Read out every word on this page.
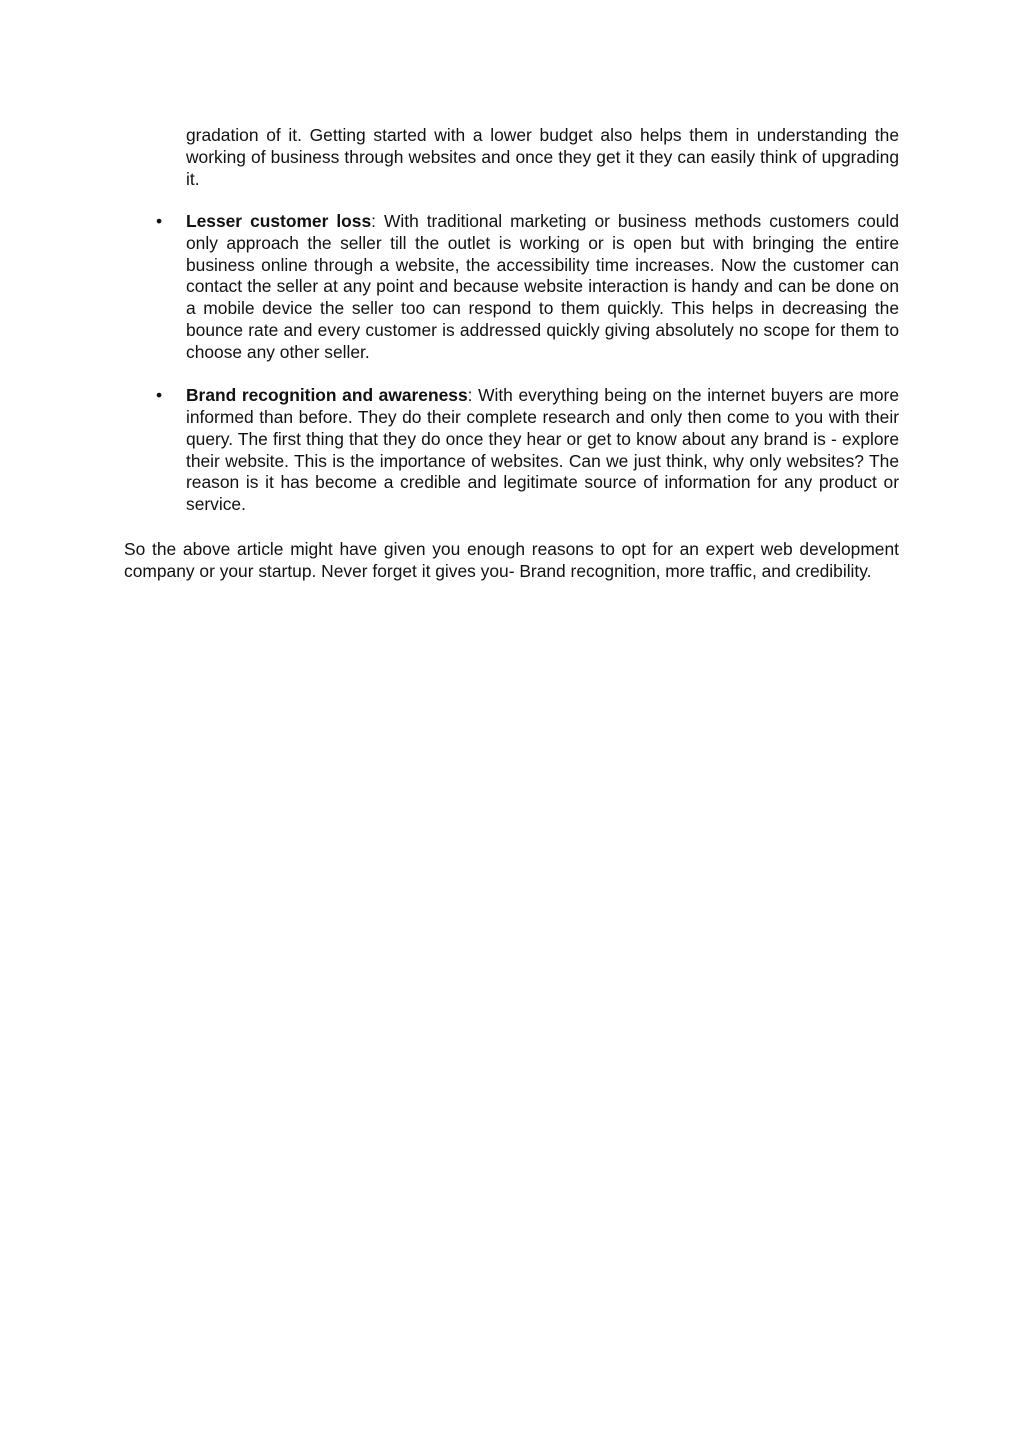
gradation of it. Getting started with a lower budget also helps them in understanding the working of business through websites and once they get it they can easily think of upgrading it.

• Lesser customer loss: With traditional marketing or business methods customers could only approach the seller till the outlet is working or is open but with bringing the entire business online through a website, the accessibility time increases. Now the customer can contact the seller at any point and because website interaction is handy and can be done on a mobile device the seller too can respond to them quickly. This helps in decreasing the bounce rate and every customer is addressed quickly giving absolutely no scope for them to choose any other seller.
• Brand recognition and awareness: With everything being on the internet buyers are more informed than before. They do their complete research and only then come to you with their query. The first thing that they do once they hear or get to know about any brand is - explore their website. This is the importance of websites. Can we just think, why only websites? The reason is it has become a credible and legitimate source of information for any product or service.

So the above article might have given you enough reasons to opt for an expert web development company or your startup. Never forget it gives you- Brand recognition, more traffic, and credibility.
